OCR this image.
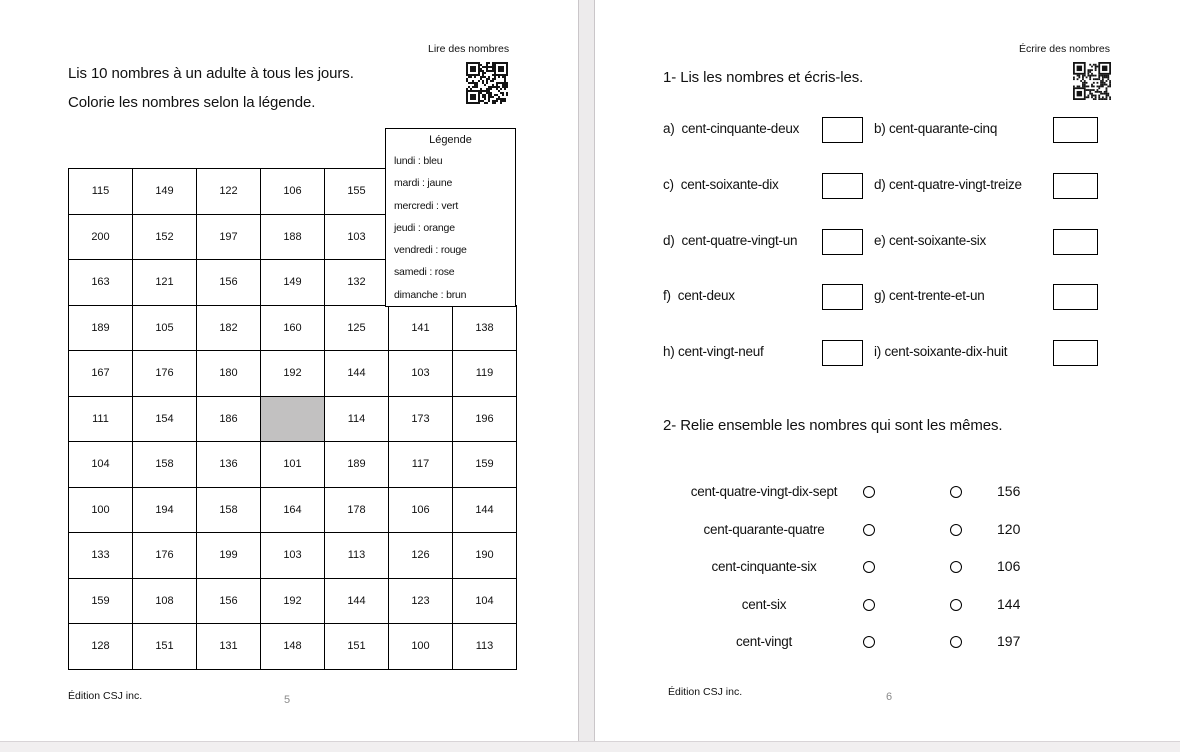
Lire des nombres
Lis 10 nombres à un adulte à tous les jours.
Colorie les nombres selon la légende.
Légende
lundi : bleu
mardi : jaune
mercredi : vert
jeudi : orange
vendredi : rouge
samedi : rose
dimanche : brun
115	149	122	106	155		
200	152	197	188	103		
163	121	156	149	132		
189	105	182	160	125	141	138
167	176	180	192	144	103	119
111	154	186		114	173	196
104	158	136	101	189	117	159
100	194	158	164	178	106	144
133	176	199	103	113	126	190
159	108	156	192	144	123	104
128	151	131	148	151	100	113
Édition CSJ inc.	5
Écrire des nombres
1- Lis les nombres et écris-les.
a)  cent-cinquante-deux	b) cent-quarante-cinq
c)  cent-soixante-dix	d) cent-quatre-vingt-treize
d)  cent-quatre-vingt-un	e) cent-soixante-six
f)  cent-deux	g) cent-trente-et-un
h) cent-vingt-neuf	i) cent-soixante-dix-huit
2- Relie ensemble les nombres qui sont les mêmes.
cent-quatre-vingt-dix-sept	156
cent-quarante-quatre	120
cent-cinquante-six	106
cent-six	144
cent-vingt	197
Édition CSJ inc.	6
